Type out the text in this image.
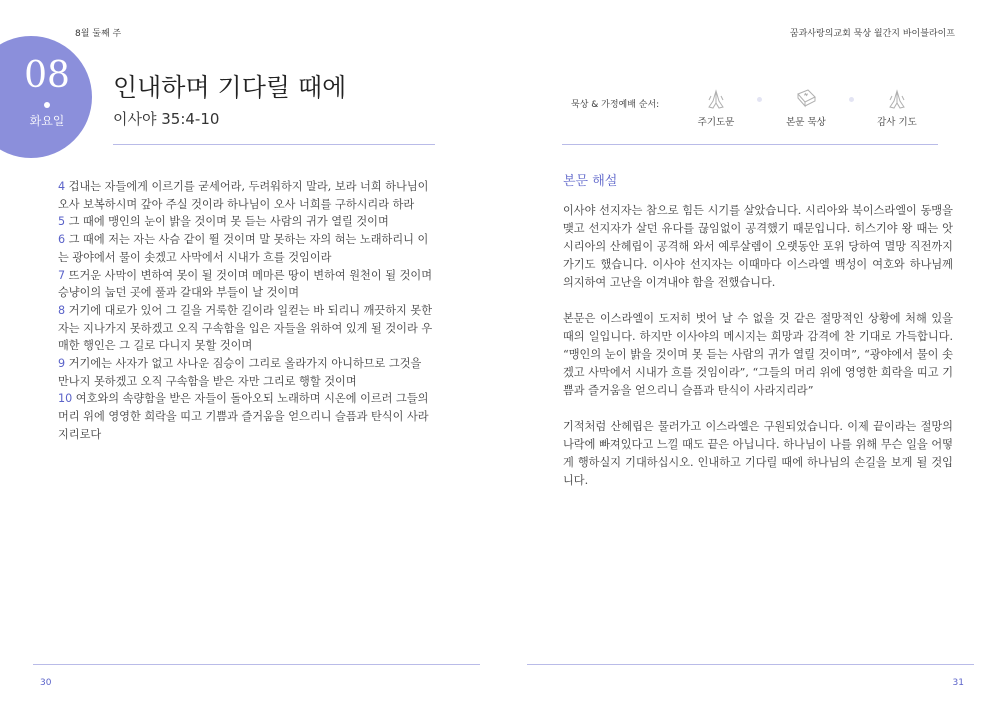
8월 둘째 주	꿈과사랑의교회 묵상 월간지 바이블라이프
08
화요일
인내하며 기다릴 때에
이사야 35:4-10
4 겁내는 자들에게 이르기를 굳세어라, 두려워하지 말라, 보라 너희 하나님이 오사 보복하시며 갚아 주실 것이라 하나님이 오사 너희를 구하시리라 하라
5 그 때에 맹인의 눈이 밝을 것이며 못 듣는 사람의 귀가 열릴 것이며
6 그 때에 저는 자는 사슴 같이 뛸 것이며 말 못하는 자의 혀는 노래하리니 이는 광야에서 물이 솟겠고 사막에서 시내가 흐를 것임이라
7 뜨거운 사막이 변하여 못이 될 것이며 메마른 땅이 변하여 원천이 될 것이며 승냥이의 눕던 곳에 풀과 갈대와 부들이 날 것이며
8 거기에 대로가 있어 그 길을 거룩한 길이라 일컫는 바 되리니 깨끗하지 못한 자는 지나가지 못하겠고 오직 구속함을 입은 자들을 위하여 있게 될 것이라 우매한 행인은 그 길로 다니지 못할 것이며
9 거기에는 사자가 없고 사나운 짐승이 그리로 올라가지 아니하므로 그것을 만나지 못하겠고 오직 구속함을 받은 자만 그리로 행할 것이며
10 여호와의 속량함을 받은 자들이 돌아오되 노래하며 시온에 이르러 그들의 머리 위에 영영한 희락을 띠고 기쁨과 즐거움을 얻으리니 슬픔과 탄식이 사라지리로다
묵상 & 가정예배 순서:
주기도문	본문 묵상	감사 기도
본문 해설

이사야 선지자는 참으로 힘든 시기를 살았습니다. 시리아와 북이스라엘이 동맹을 맺고 선지자가 살던 유다를 끊임없이 공격했기 때문입니다. 히스기야 왕 때는 앗시리아의 산헤립이 공격해 와서 예루살렘이 오랫동안 포위 당하여 멸망 직전까지 가기도 했습니다. 이사야 선지자는 이때마다 이스라엘 백성이 여호와 하나님께 의지하여 고난을 이겨내야 함을 전했습니다.

본문은 이스라엘이 도저히 벗어 날 수 없을 것 같은 절망적인 상황에 처해 있을 때의 일입니다. 하지만 이사야의 메시지는 희망과 감격에 찬 기대로 가득합니다. “맹인의 눈이 밝을 것이며 못 듣는 사람의 귀가 열릴 것이며”, “광야에서 물이 솟겠고 사막에서 시내가 흐를 것임이라”, “그들의 머리 위에 영영한 희락을 띠고 기쁨과 즐거움을 얻으리니 슬픔과 탄식이 사라지리라”

기적처럼 산헤립은 물러가고 이스라엘은 구원되었습니다. 이제 끝이라는 절망의 나락에 빠져있다고 느낄 때도 끝은 아닙니다. 하나님이 나를 위해 무슨 일을 어떻게 행하실지 기대하십시오. 인내하고 기다릴 때에 하나님의 손길을 보게 될 것입니다.

30	31
